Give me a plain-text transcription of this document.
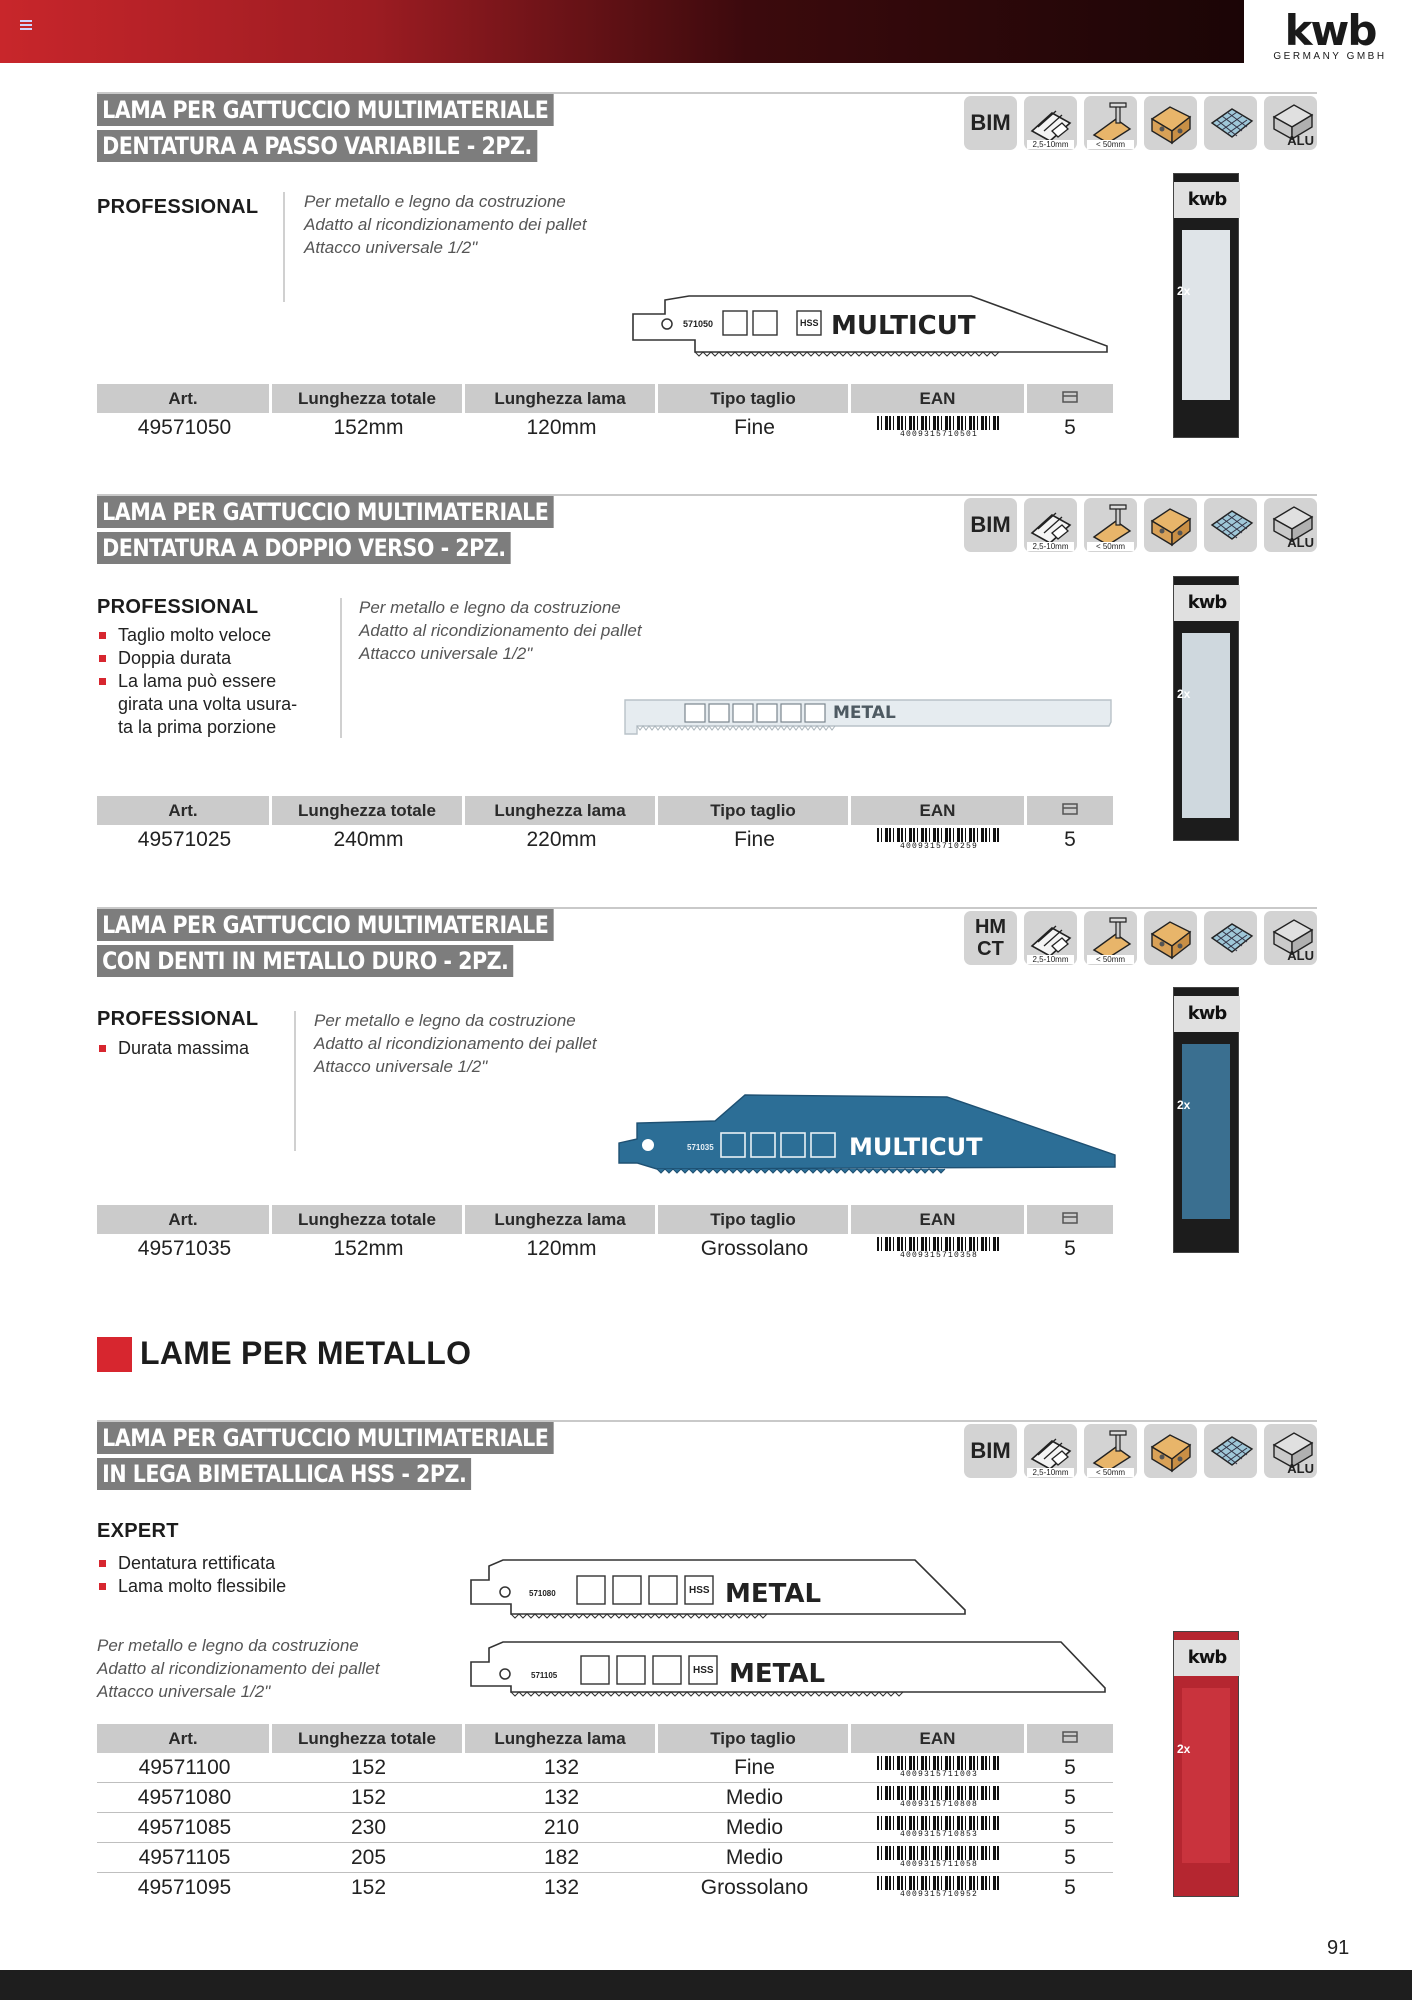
kwb
GERMANY GMBH
LAMA PER GATTUCCIO MULTIMATERIALE
DENTATURA A PASSO VARIABILE - 2PZ.
BIM
2,5-10mm	< 50mm	ALU
PROFESSIONAL	Per metallo e legno da costruzione
Adatto al ricondizionamento dei pallet
Attacco universale 1/2"
571050	HSS MULTICUT
Art.	Lunghezza totale	Lunghezza lama	Tipo taglio	EAN	
49571050	152mm	120mm	Fine	4009315710501	5
kwb
2x
LAMA PER GATTUCCIO MULTIMATERIALE
DENTATURA A DOPPIO VERSO - 2PZ.
BIM
2,5-10mm	< 50mm	ALU
PROFESSIONAL
Taglio molto veloce
Doppia durata
La lama può essere girata una volta usura-ta la prima porzione
Per metallo e legno da costruzione
Adatto al ricondizionamento dei pallet
Attacco universale 1/2"
METAL
Art.	Lunghezza totale	Lunghezza lama	Tipo taglio	EAN	
49571025	240mm	220mm	Fine	4009315710259	5
kwb
2x
LAMA PER GATTUCCIO MULTIMATERIALE
CON DENTI IN METALLO DURO - 2PZ.
HM
CT	2,5-10mm	< 50mm	ALU
PROFESSIONAL
Durata massima
Per metallo e legno da costruzione
Adatto al ricondizionamento dei pallet
Attacco universale 1/2"
571035	MULTICUT
Art.	Lunghezza totale	Lunghezza lama	Tipo taglio	EAN	
49571035	152mm	120mm	Grossolano	4009315710358	5
kwb
2x
LAME PER METALLO
LAMA PER GATTUCCIO MULTIMATERIALE
IN LEGA BIMETALLICA HSS - 2PZ.
BIM
2,5-10mm	< 50mm	ALU
EXPERT
Dentatura rettificata
Lama molto flessibile
Per metallo e legno da costruzione
Adatto al ricondizionamento dei pallet
Attacco universale 1/2"
571080	HSS METAL
571105	HSS METAL
Art.	Lunghezza totale	Lunghezza lama	Tipo taglio	EAN	
49571100	152	132	Fine	4009315711003	5
49571080	152	132	Medio	4009315710808	5
49571085	230	210	Medio	4009315710853	5
49571105	205	182	Medio	4009315711058	5
49571095	152	132	Grossolano	4009315710952	5
kwb
2x
91
